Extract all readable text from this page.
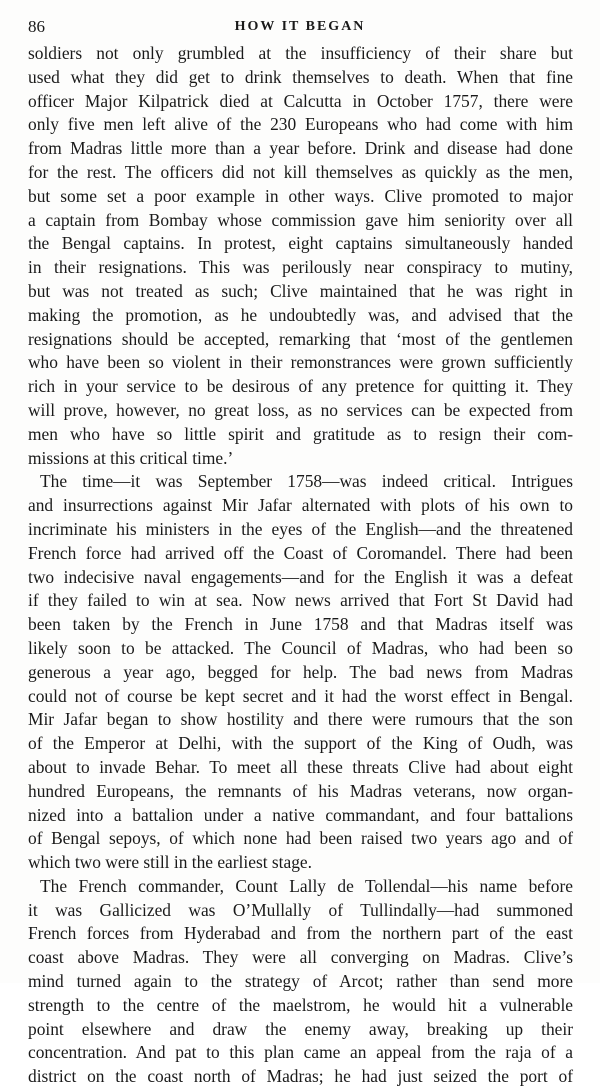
86	HOW IT BEGAN
soldiers not only grumbled at the insufficiency of their share but
used what they did get to drink themselves to death. When that fine
officer Major Kilpatrick died at Calcutta in October 1757, there were
only five men left alive of the 230 Europeans who had come with him
from Madras little more than a year before. Drink and disease had done
for the rest. The officers did not kill themselves as quickly as the men,
but some set a poor example in other ways. Clive promoted to major
a captain from Bombay whose commission gave him seniority over all
the Bengal captains. In protest, eight captains simultaneously handed
in their resignations. This was perilously near conspiracy to mutiny,
but was not treated as such; Clive maintained that he was right in
making the promotion, as he undoubtedly was, and advised that the
resignations should be accepted, remarking that ‘most of the gentlemen
who have been so violent in their remonstrances were grown sufficiently
rich in your service to be desirous of any pretence for quitting it. They
will prove, however, no great loss, as no services can be expected from
men who have so little spirit and gratitude as to resign their com-
missions at this critical time.’
The time—it was September 1758—was indeed critical. Intrigues
and insurrections against Mir Jafar alternated with plots of his own to
incriminate his ministers in the eyes of the English—and the threatened
French force had arrived off the Coast of Coromandel. There had been
two indecisive naval engagements—and for the English it was a defeat
if they failed to win at sea. Now news arrived that Fort St David had
been taken by the French in June 1758 and that Madras itself was
likely soon to be attacked. The Council of Madras, who had been so
generous a year ago, begged for help. The bad news from Madras
could not of course be kept secret and it had the worst effect in Bengal.
Mir Jafar began to show hostility and there were rumours that the son
of the Emperor at Delhi, with the support of the King of Oudh, was
about to invade Behar. To meet all these threats Clive had about eight
hundred Europeans, the remnants of his Madras veterans, now organ-
nized into a battalion under a native commandant, and four battalions
of Bengal sepoys, of which none had been raised two years ago and of
which two were still in the earliest stage.
The French commander, Count Lally de Tollendal—his name before
it was Gallicized was O’Mullally of Tullindally—had summoned
French forces from Hyderabad and from the northern part of the east
coast above Madras. They were all converging on Madras. Clive’s
mind turned again to the strategy of Arcot; rather than send more
strength to the centre of the maelstrom, he would hit a vulnerable
point elsewhere and draw the enemy away, breaking up their
concentration. And pat to this plan came an appeal from the raja of a
district on the coast north of Madras; he had just seized the port of
